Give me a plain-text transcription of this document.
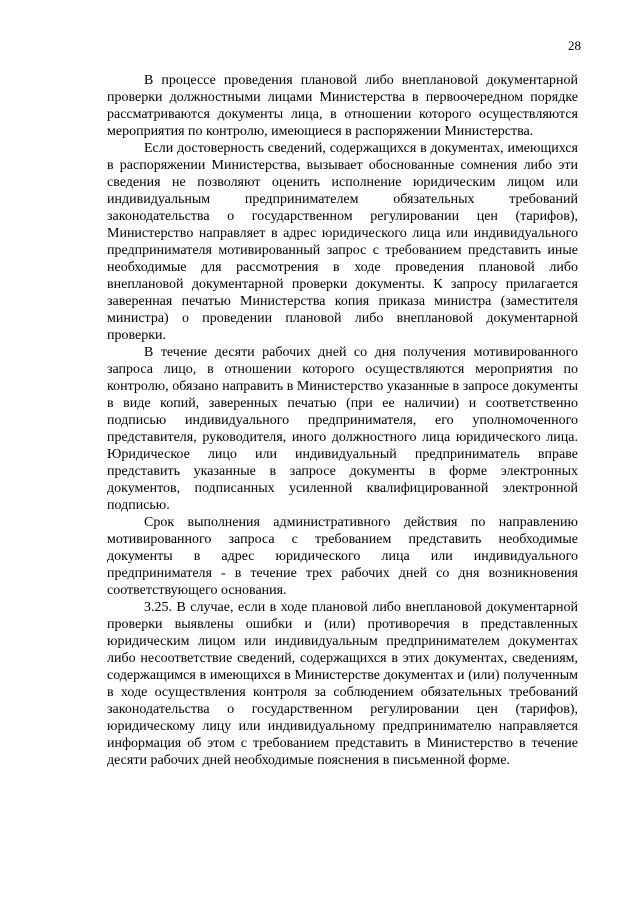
28

В процессе проведения плановой либо внеплановой документарной проверки должностными лицами Министерства в первоочередном порядке рассматриваются документы лица, в отношении которого осуществляются мероприятия по контролю, имеющиеся в распоряжении Министерства.

Если достоверность сведений, содержащихся в документах, имеющихся в распоряжении Министерства, вызывает обоснованные сомнения либо эти сведения не позволяют оценить исполнение юридическим лицом или индивидуальным предпринимателем обязательных требований законодательства о государственном регулировании цен (тарифов), Министерство направляет в адрес юридического лица или индивидуального предпринимателя мотивированный запрос с требованием представить иные необходимые для рассмотрения в ходе проведения плановой либо внеплановой документарной проверки документы. К запросу прилагается заверенная печатью Министерства копия приказа министра (заместителя министра) о проведении плановой либо внеплановой документарной проверки.

В течение десяти рабочих дней со дня получения мотивированного запроса лицо, в отношении которого осуществляются мероприятия по контролю, обязано направить в Министерство указанные в запросе документы в виде копий, заверенных печатью (при ее наличии) и соответственно подписью индивидуального предпринимателя, его уполномоченного представителя, руководителя, иного должностного лица юридического лица. Юридическое лицо или индивидуальный предприниматель вправе представить указанные в запросе документы в форме электронных документов, подписанных усиленной квалифицированной электронной подписью.

Срок выполнения административного действия по направлению мотивированного запроса с требованием представить необходимые документы в адрес юридического лица или индивидуального предпринимателя - в течение трех рабочих дней со дня возникновения соответствующего основания.

3.25. В случае, если в ходе плановой либо внеплановой документарной проверки выявлены ошибки и (или) противоречия в представленных юридическим лицом или индивидуальным предпринимателем документах либо несоответствие сведений, содержащихся в этих документах, сведениям, содержащимся в имеющихся в Министерстве документах и (или) полученным в ходе осуществления контроля за соблюдением обязательных требований законодательства о государственном регулировании цен (тарифов), юридическому лицу или индивидуальному предпринимателю направляется информация об этом с требованием представить в Министерство в течение десяти рабочих дней необходимые пояснения в письменной форме.
